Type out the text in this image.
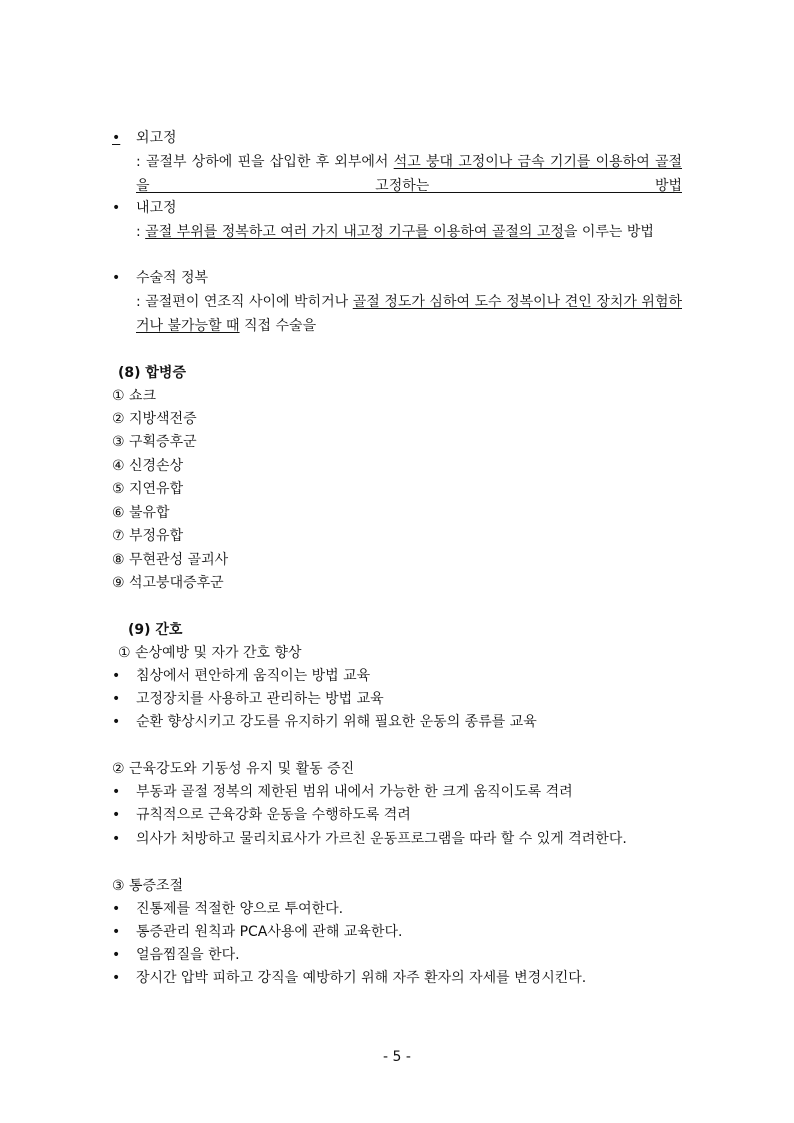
• 외고정
: 골절부 상하에 핀을 삽입한 후 외부에서 석고 붕대 고정이나 금속 기기를 이용하여 골절을 고정하는 방법
• 내고정
: 골절 부위를 정복하고 여러 가지 내고정 기구를 이용하여 골절의 고정을 이루는 방법
• 수술적 정복
: 골절편이 연조직 사이에 박히거나 골절 정도가 심하여 도수 정복이나 견인 장치가 위험하거나 불가능할 때 직접 수술을
(8) 합병증
① 쇼크
② 지방색전증
③ 구획증후군
④ 신경손상
⑤ 지연유합
⑥ 불유합
⑦ 부정유합
⑧ 무현관성 골괴사
⑨ 석고붕대증후군
(9) 간호
① 손상예방 및 자가 간호 향상
• 침상에서 편안하게 움직이는 방법 교육
• 고정장치를 사용하고 관리하는 방법 교육
• 순환 향상시키고 강도를 유지하기 위해 필요한 운동의 종류를 교육
② 근육강도와 기동성 유지 및 활동 증진
• 부동과 골절 정복의 제한된 범위 내에서 가능한 한 크게 움직이도록 격려
• 규칙적으로 근육강화 운동을 수행하도록 격려
• 의사가 처방하고 물리치료사가 가르친 운동프로그램을 따라 할 수 있게 격려한다.
③ 통증조절
• 진통제를 적절한 양으로 투여한다.
• 통증관리 원칙과 PCA사용에 관해 교육한다.
• 얼음찜질을 한다.
• 장시간 압박 피하고 강직을 예방하기 위해 자주 환자의 자세를 변경시킨다.
- 5 -
